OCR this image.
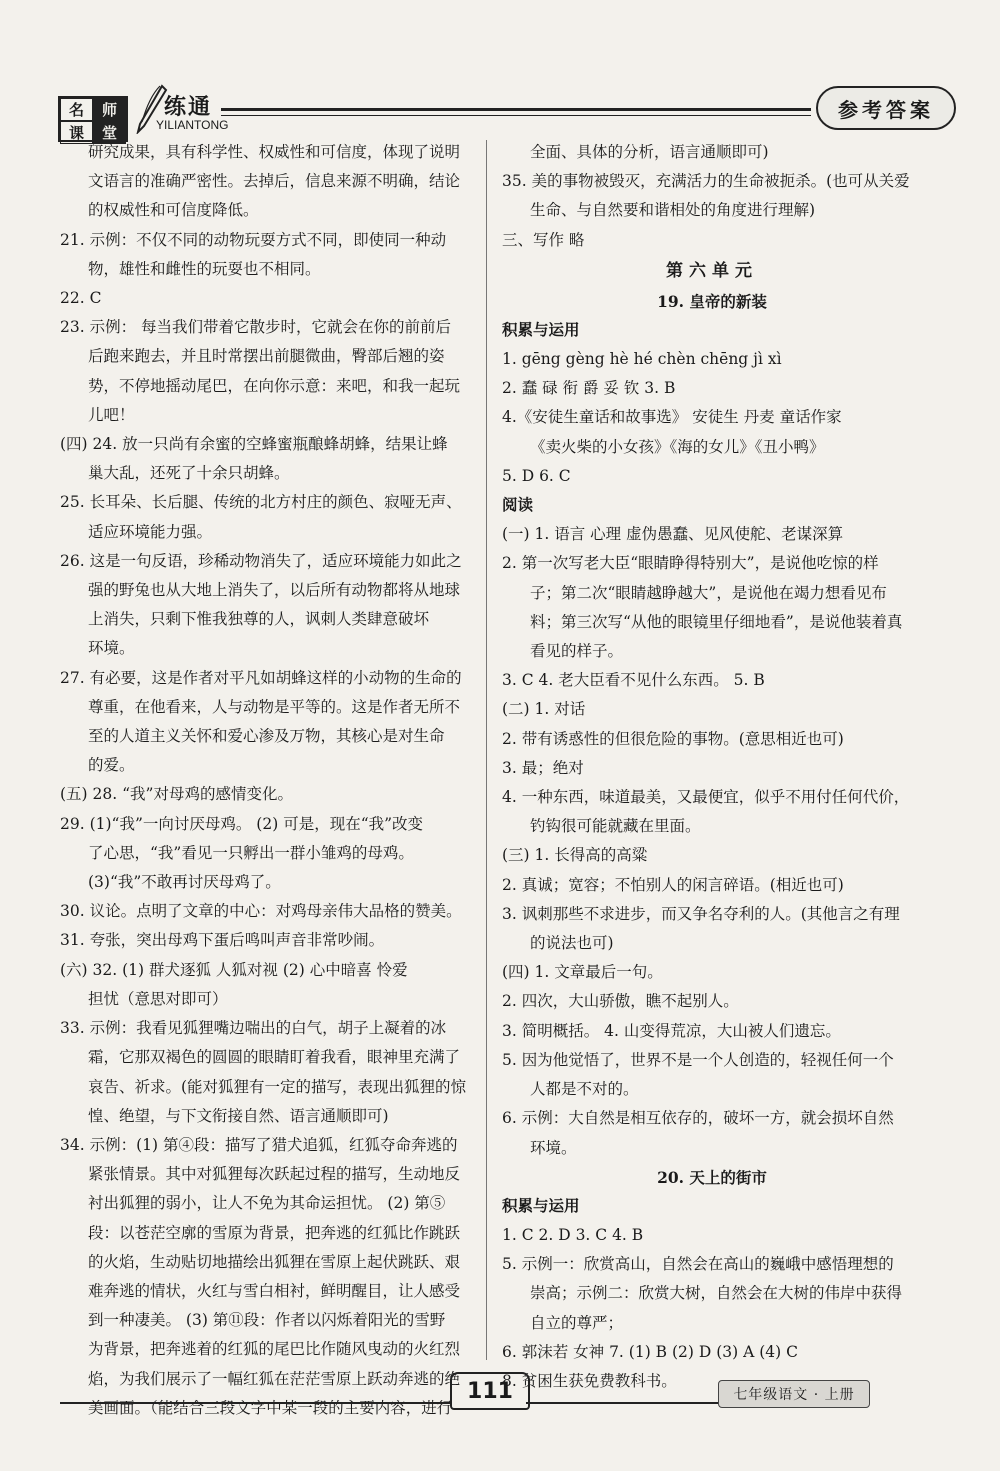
名	师
课	堂
练通
YILIANTONG
参考答案
研究成果，具有科学性、权威性和可信度，体现了说明
文语言的准确严密性。去掉后，信息来源不明确，结论
的权威性和可信度降低。
21. 示例：不仅不同的动物玩耍方式不同，即使同一种动
物，雄性和雌性的玩耍也不相同。
22. C
23. 示例： 每当我们带着它散步时，它就会在你的前前后
后跑来跑去，并且时常摆出前腿微曲，臀部后翘的姿
势，不停地摇动尾巴，在向你示意：来吧，和我一起玩
儿吧！
(四) 24. 放一只尚有余蜜的空蜂蜜瓶酿蜂胡蜂，结果让蜂
巢大乱，还死了十余只胡蜂。
25. 长耳朵、长后腿、传统的北方村庄的颜色、寂哑无声、
适应环境能力强。
26. 这是一句反语，珍稀动物消失了，适应环境能力如此之
强的野兔也从大地上消失了，以后所有动物都将从地球
上消失，只剩下惟我独尊的人，讽刺人类肆意破坏
环境。
27. 有必要，这是作者对平凡如胡蜂这样的小动物的生命的
尊重，在他看来，人与动物是平等的。这是作者无所不
至的人道主义关怀和爱心渗及万物，其核心是对生命
的爱。
(五) 28. “我”对母鸡的感情变化。
29. (1)“我”一向讨厌母鸡。 (2) 可是，现在“我”改变
了心思，“我”看见一只孵出一群小雏鸡的母鸡。
(3)“我”不敢再讨厌母鸡了。
30. 议论。点明了文章的中心：对鸡母亲伟大品格的赞美。
31. 夸张，突出母鸡下蛋后鸣叫声音非常吵闹。
(六) 32. (1) 群犬逐狐 人狐对视 (2) 心中暗喜 怜爱
担忧（意思对即可）
33. 示例：我看见狐狸嘴边喘出的白气，胡子上凝着的冰
霜，它那双褐色的圆圆的眼睛盯着我看，眼神里充满了
哀告、祈求。(能对狐狸有一定的描写，表现出狐狸的惊
惶、绝望，与下文衔接自然、语言通顺即可)
34. 示例：(1) 第④段：描写了猎犬追狐，红狐夺命奔逃的
紧张情景。其中对狐狸每次跃起过程的描写，生动地反
衬出狐狸的弱小，让人不免为其命运担忧。 (2) 第⑤
段：以苍茫空廓的雪原为背景，把奔逃的红狐比作跳跃
的火焰，生动贴切地描绘出狐狸在雪原上起伏跳跃、艰
难奔逃的情状，火红与雪白相衬，鲜明醒目，让人感受
到一种凄美。 (3) 第⑪段：作者以闪烁着阳光的雪野
为背景，把奔逃着的红狐的尾巴比作随风曳动的火红烈
焰，为我们展示了一幅红狐在茫茫雪原上跃动奔逃的绝
美画面。（能结合三段文字中某一段的主要内容，进行
全面、具体的分析，语言通顺即可)
35. 美的事物被毁灭，充满活力的生命被扼杀。(也可从关爱
生命、与自然要和谐相处的角度进行理解)
三、写作 略
第六单元
19. 皇帝的新装
积累与运用
1. gēng gèng hè hé chèn chēng jì xì
2. 蠢 碌 衔 爵 妥 钦 3. B
4.《安徒生童话和故事选》 安徒生 丹麦 童话作家
《卖火柴的小女孩》《海的女儿》《丑小鸭》
5. D 6. C
阅读
(一) 1. 语言 心理 虚伪愚蠢、见风使舵、老谋深算
2. 第一次写老大臣“眼睛睁得特别大”，是说他吃惊的样
子；第二次“眼睛越睁越大”，是说他在竭力想看见布
料；第三次写“从他的眼镜里仔细地看”，是说他装着真
看见的样子。
3. C 4. 老大臣看不见什么东西。 5. B
(二) 1. 对话
2. 带有诱惑性的但很危险的事物。(意思相近也可)
3. 最；绝对
4. 一种东西，味道最美，又最便宜，似乎不用付任何代价，
钓钩很可能就藏在里面。
(三) 1. 长得高的高粱
2. 真诚；宽容；不怕别人的闲言碎语。(相近也可)
3. 讽刺那些不求进步，而又争名夺利的人。(其他言之有理
的说法也可)
(四) 1. 文章最后一句。
2. 四次，大山骄傲，瞧不起别人。
3. 简明概括。 4. 山变得荒凉，大山被人们遗忘。
5. 因为他觉悟了，世界不是一个人创造的，轻视任何一个
人都是不对的。
6. 示例：大自然是相互依存的，破坏一方，就会损坏自然
环境。
20. 天上的街市
积累与运用
1. C 2. D 3. C 4. B
5. 示例一：欣赏高山，自然会在高山的巍峨中感悟理想的
崇高；示例二：欣赏大树，自然会在大树的伟岸中获得
自立的尊严；
6. 郭沫若 女神 7. (1) B (2) D (3) A (4) C
8. 贫困生获免费教科书。
111	七年级语文 · 上册
